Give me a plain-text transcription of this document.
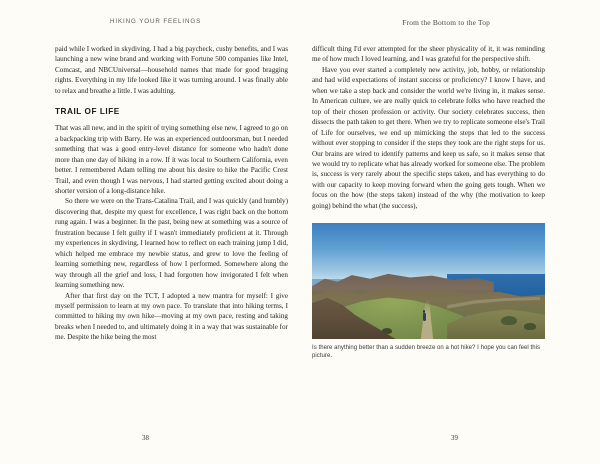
HIKING YOUR FEELINGS	From the Bottom to the Top

paid while I worked in skydiving. I had a big paycheck, cushy benefits, and I was launching a new wine brand and working with Fortune 500 companies like Intel, Comcast, and NBCUniversal—household names that made for good bragging rights. Everything in my life looked like it was turning around. I was finally able to relax and breathe a little. I was adulting.

TRAIL OF LIFE

That was all new, and in the spirit of trying something else new, I agreed to go on a backpacking trip with Barry. He was an experienced outdoorsman, but I needed something that was a good entry-level distance for someone who hadn't done more than one day of hiking in a row. If it was local to Southern California, even better. I remembered Adam telling me about his desire to hike the Pacific Crest Trail, and even though I was nervous, I had started getting excited about doing a shorter version of a long-distance hike.

So there we were on the Trans-Catalina Trail, and I was quickly (and humbly) discovering that, despite my quest for excellence, I was right back on the bottom rung again. I was a beginner. In the past, being new at something was a source of frustration because I felt guilty if I wasn't immediately proficient at it. Through my experiences in skydiving, I learned how to reflect on each training jump I did, which helped me embrace my newbie status, and grew to love the feeling of learning something new, regardless of how I performed. Somewhere along the way through all the grief and loss, I had forgotten how invigorated I felt when learning something new.

After that first day on the TCT, I adopted a new mantra for myself: I give myself permission to learn at my own pace. To translate that into hiking terms, I committed to hiking my own hike—moving at my own pace, resting and taking breaks when I needed to, and ultimately doing it in a way that was sustainable for me. Despite the hike being the most

difficult thing I'd ever attempted for the sheer physicality of it, it was reminding me of how much I loved learning, and I was grateful for the perspective shift.

Have you ever started a completely new activity, job, hobby, or relationship and had wild expectations of instant success or proficiency? I know I have, and when we take a step back and consider the world we're living in, it makes sense. In American culture, we are really quick to celebrate folks who have reached the top of their chosen profession or activity. Our society celebrates success, then dissects the path taken to get there. When we try to replicate someone else's Trail of Life for ourselves, we end up mimicking the steps that led to the success without ever stopping to consider if the steps they took are the right steps for us. Our brains are wired to identify patterns and keep us safe, so it makes sense that we would try to replicate what has already worked for someone else. The problem is, success is very rarely about the specific steps taken, and has everything to do with our capacity to keep moving forward when the going gets tough. When we focus on the how (the steps taken) instead of the why (the motivation to keep going) behind the what (the success),

Is there anything better than a sudden breeze on a hot hike? I hope you can feel this picture.
38	39
